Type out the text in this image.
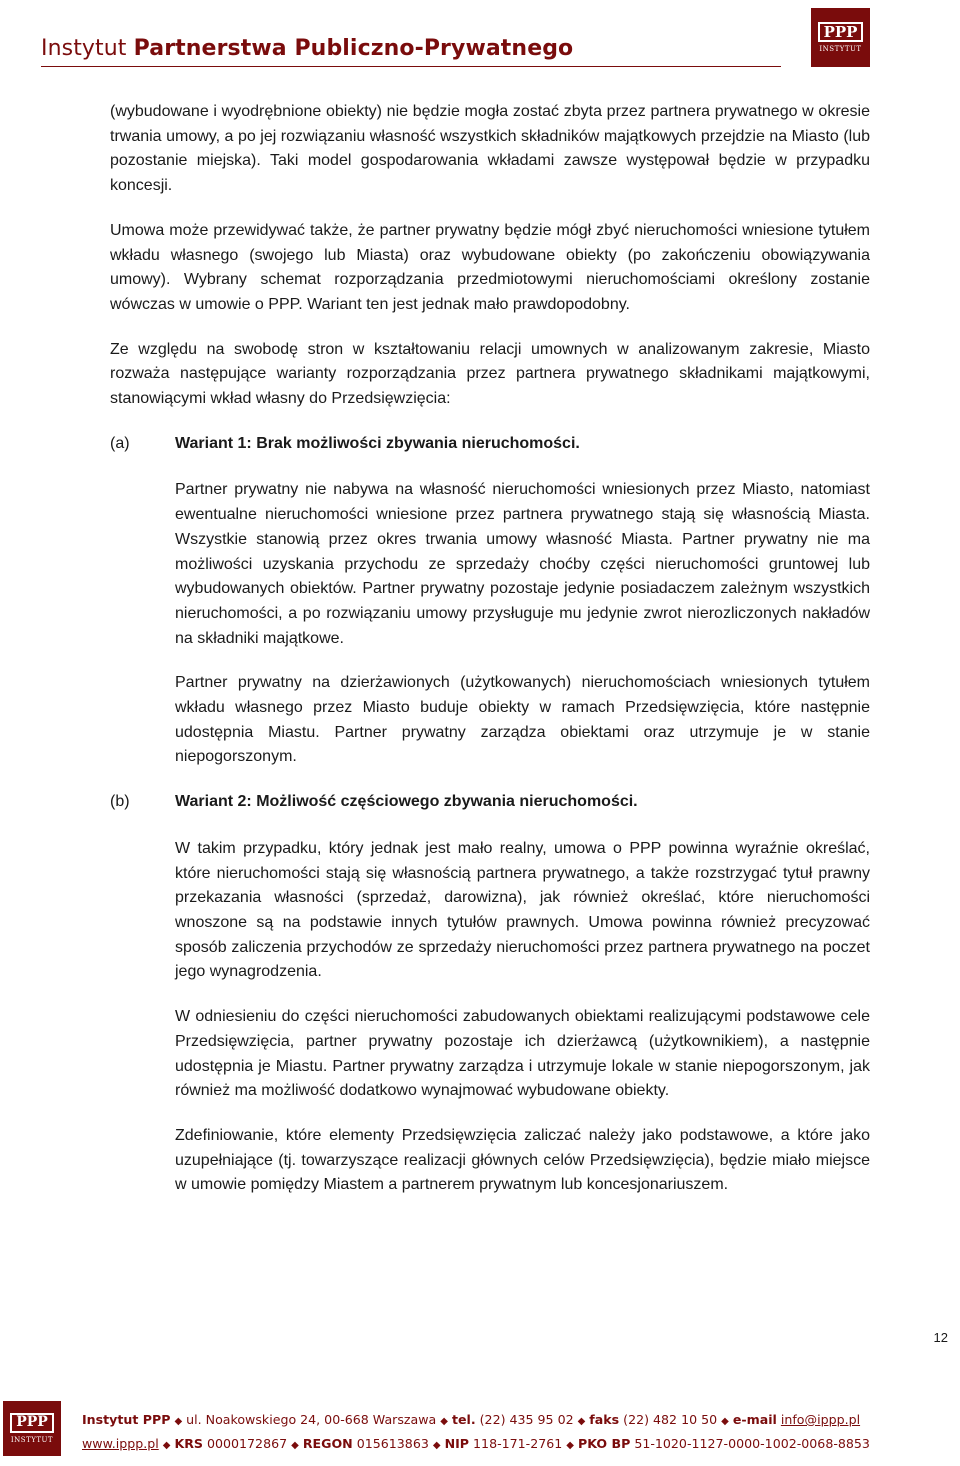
Instytut Partnerstwa Publiczno-Prywatnego
PPP
INSTYTUT

(wybudowane i wyodrębnione obiekty) nie będzie mogła zostać zbyta przez partnera prywatnego w okresie trwania umowy, a po jej rozwiązaniu własność wszystkich składników majątkowych przejdzie na Miasto (lub pozostanie miejska). Taki model gospodarowania wkładami zawsze występował będzie w przypadku koncesji.

Umowa może przewidywać także, że partner prywatny będzie mógł zbyć nieruchomości wniesione tytułem wkładu własnego (swojego lub Miasta) oraz wybudowane obiekty (po zakończeniu obowiązywania umowy). Wybrany schemat rozporządzania przedmiotowymi nieruchomościami określony zostanie wówczas w umowie o PPP. Wariant ten jest jednak mało prawdopodobny.

Ze względu na swobodę stron w kształtowaniu relacji umownych w analizowanym zakresie, Miasto rozważa następujące warianty rozporządzania przez partnera prywatnego składnikami majątkowymi, stanowiącymi wkład własny do Przedsięwzięcia:

(a)	Wariant 1: Brak możliwości zbywania nieruchomości.

Partner prywatny nie nabywa na własność nieruchomości wniesionych przez Miasto, natomiast ewentualne nieruchomości wniesione przez partnera prywatnego stają się własnością Miasta. Wszystkie stanowią przez okres trwania umowy własność Miasta. Partner prywatny nie ma możliwości uzyskania przychodu ze sprzedaży choćby części nieruchomości gruntowej lub wybudowanych obiektów. Partner prywatny pozostaje jedynie posiadaczem zależnym wszystkich nieruchomości, a po rozwiązaniu umowy przysługuje mu jedynie zwrot nierozliczonych nakładów na składniki majątkowe.

Partner prywatny na dzierżawionych (użytkowanych) nieruchomościach wniesionych tytułem wkładu własnego przez Miasto buduje obiekty w ramach Przedsięwzięcia, które następnie udostępnia Miastu. Partner prywatny zarządza obiektami oraz utrzymuje je w stanie niepogorszonym.

(b)	Wariant 2: Możliwość częściowego zbywania nieruchomości.

W takim przypadku, który jednak jest mało realny, umowa o PPP powinna wyraźnie określać, które nieruchomości stają się własnością partnera prywatnego, a także rozstrzygać tytuł prawny przekazania własności (sprzedaż, darowizna), jak również określać, które nieruchomości wnoszone są na podstawie innych tytułów prawnych. Umowa powinna również precyzować sposób zaliczenia przychodów ze sprzedaży nieruchomości przez partnera prywatnego na poczet jego wynagrodzenia.

W odniesieniu do części nieruchomości zabudowanych obiektami realizującymi podstawowe cele Przedsięwzięcia, partner prywatny pozostaje ich dzierżawcą (użytkownikiem), a następnie udostępnia je Miastu. Partner prywatny zarządza i utrzymuje lokale w stanie niepogorszonym, jak również ma możliwość dodatkowo wynajmować wybudowane obiekty.

Zdefiniowanie, które elementy Przedsięwzięcia zaliczać należy jako podstawowe, a które jako uzupełniające (tj. towarzyszące realizacji głównych celów Przedsięwzięcia), będzie miało miejsce w umowie pomiędzy Miastem a partnerem prywatnym lub koncesjonariuszem.

12
PPP
INSTYTUT
Instytut PPP ◆ ul. Noakowskiego 24, 00-668 Warszawa ◆ tel. (22) 435 95 02 ◆ faks (22) 482 10 50 ◆ e-mail info@ippp.pl
www.ippp.pl ◆ KRS 0000172867 ◆ REGON 015613863 ◆ NIP 118-171-2761 ◆ PKO BP 51-1020-1127-0000-1002-0068-8853
